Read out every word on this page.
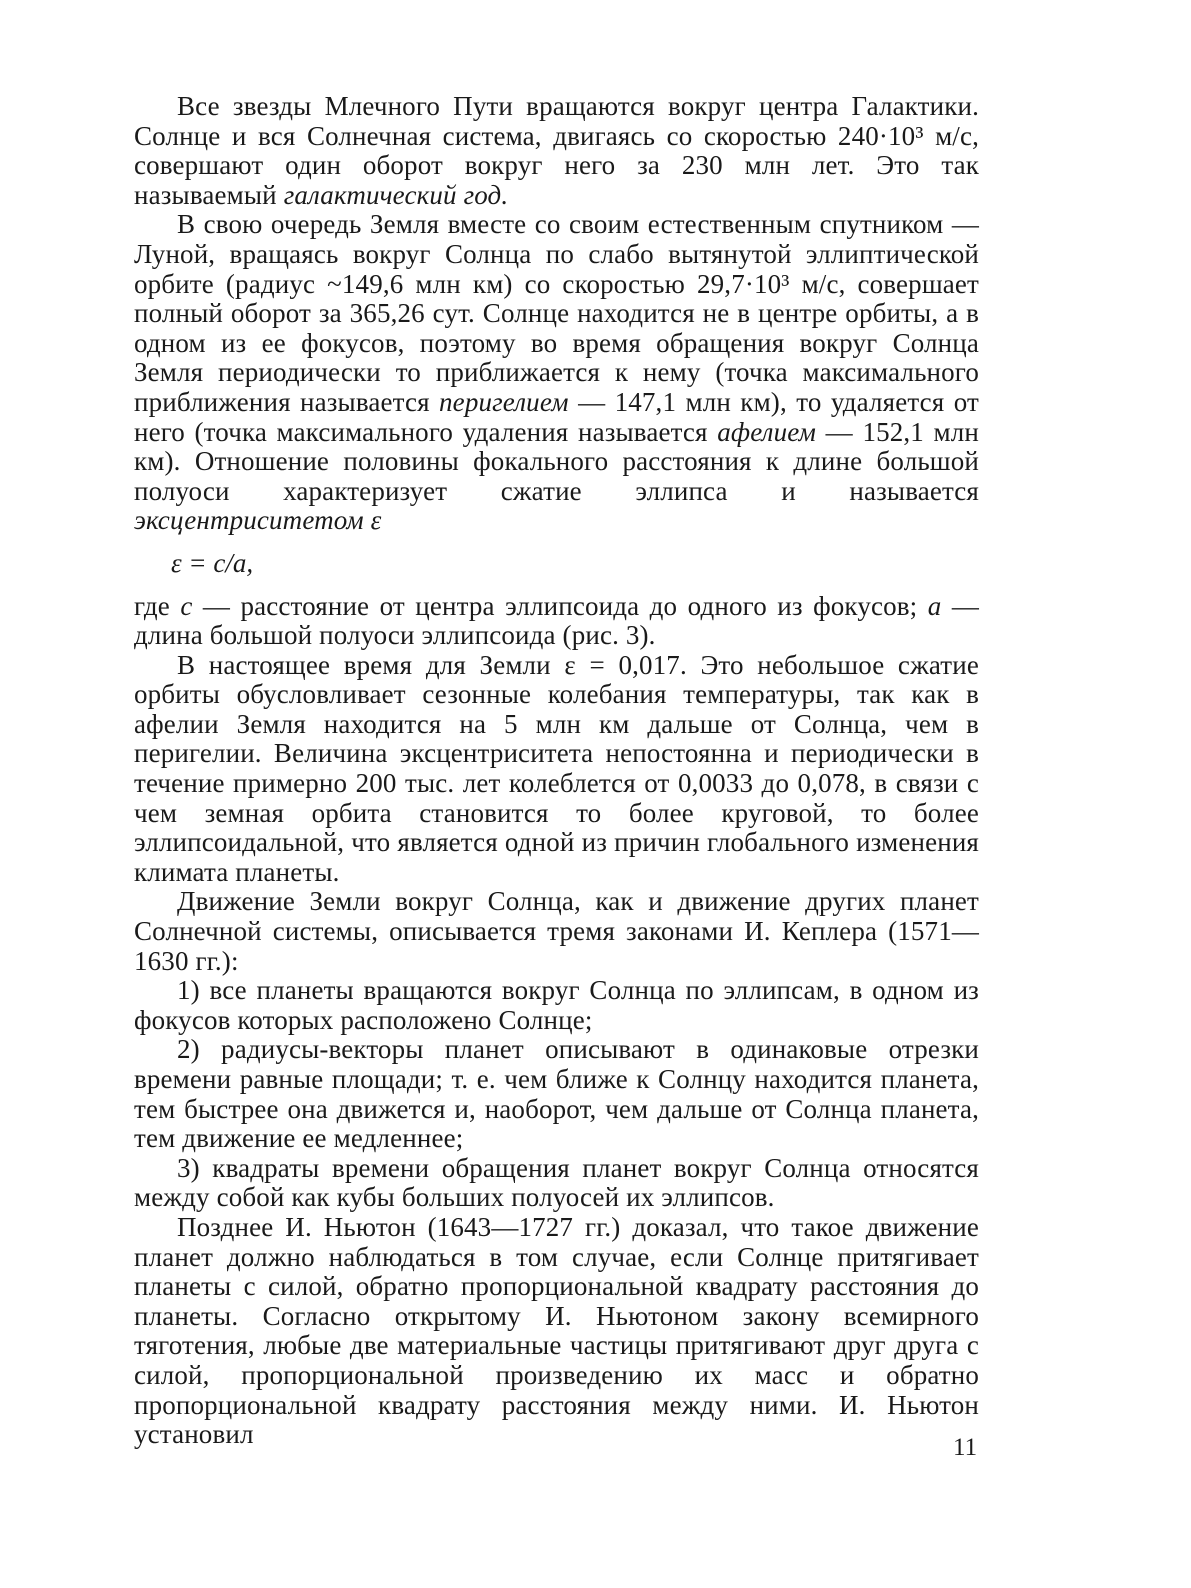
Все звезды Млечного Пути вращаются вокруг центра Галактики. Солнце и вся Солнечная система, двигаясь со скоростью 240·10³ м/с, совершают один оборот вокруг него за 230 млн лет. Это так называемый галактический год.

В свою очередь Земля вместе со своим естественным спутником — Луной, вращаясь вокруг Солнца по слабо вытянутой эллиптической орбите (радиус ~149,6 млн км) со скоростью 29,7·10³ м/с, совершает полный оборот за 365,26 сут. Солнце находится не в центре орбиты, а в одном из ее фокусов, поэтому во время обращения вокруг Солнца Земля периодически то приближается к нему (точка максимального приближения называется перигелием — 147,1 млн км), то удаляется от него (точка максимального удаления называется афелием — 152,1 млн км). Отношение половины фокального расстояния к длине большой полуоси характеризует сжатие эллипса и называется эксцентриситетом ε

ε = c/a,

где c — расстояние от центра эллипсоида до одного из фокусов; a — длина большой полуоси эллипсоида (рис. 3).

В настоящее время для Земли ε = 0,017. Это небольшое сжатие орбиты обусловливает сезонные колебания температуры, так как в афелии Земля находится на 5 млн км дальше от Солнца, чем в перигелии. Величина эксцентриситета непостоянна и периодически в течение примерно 200 тыс. лет колеблется от 0,0033 до 0,078, в связи с чем земная орбита становится то более круговой, то более эллипсоидальной, что является одной из причин глобального изменения климата планеты.

Движение Земли вокруг Солнца, как и движение других планет Солнечной системы, описывается тремя законами И. Кеплера (1571—1630 гг.):

1) все планеты вращаются вокруг Солнца по эллипсам, в одном из фокусов которых расположено Солнце;

2) радиусы-векторы планет описывают в одинаковые отрезки времени равные площади; т. е. чем ближе к Солнцу находится планета, тем быстрее она движется и, наоборот, чем дальше от Солнца планета, тем движение ее медленнее;

3) квадраты времени обращения планет вокруг Солнца относятся между собой как кубы больших полуосей их эллипсов.

Позднее И. Ньютон (1643—1727 гг.) доказал, что такое движение планет должно наблюдаться в том случае, если Солнце притягивает планеты с силой, обратно пропорциональной квадрату расстояния до планеты. Согласно открытому И. Ньютоном закону всемирного тяготения, любые две материальные частицы притягивают друг друга с силой, пропорциональной произведению их масс и обратно пропорциональной квадрату расстояния между ними. И. Ньютон установил	11
